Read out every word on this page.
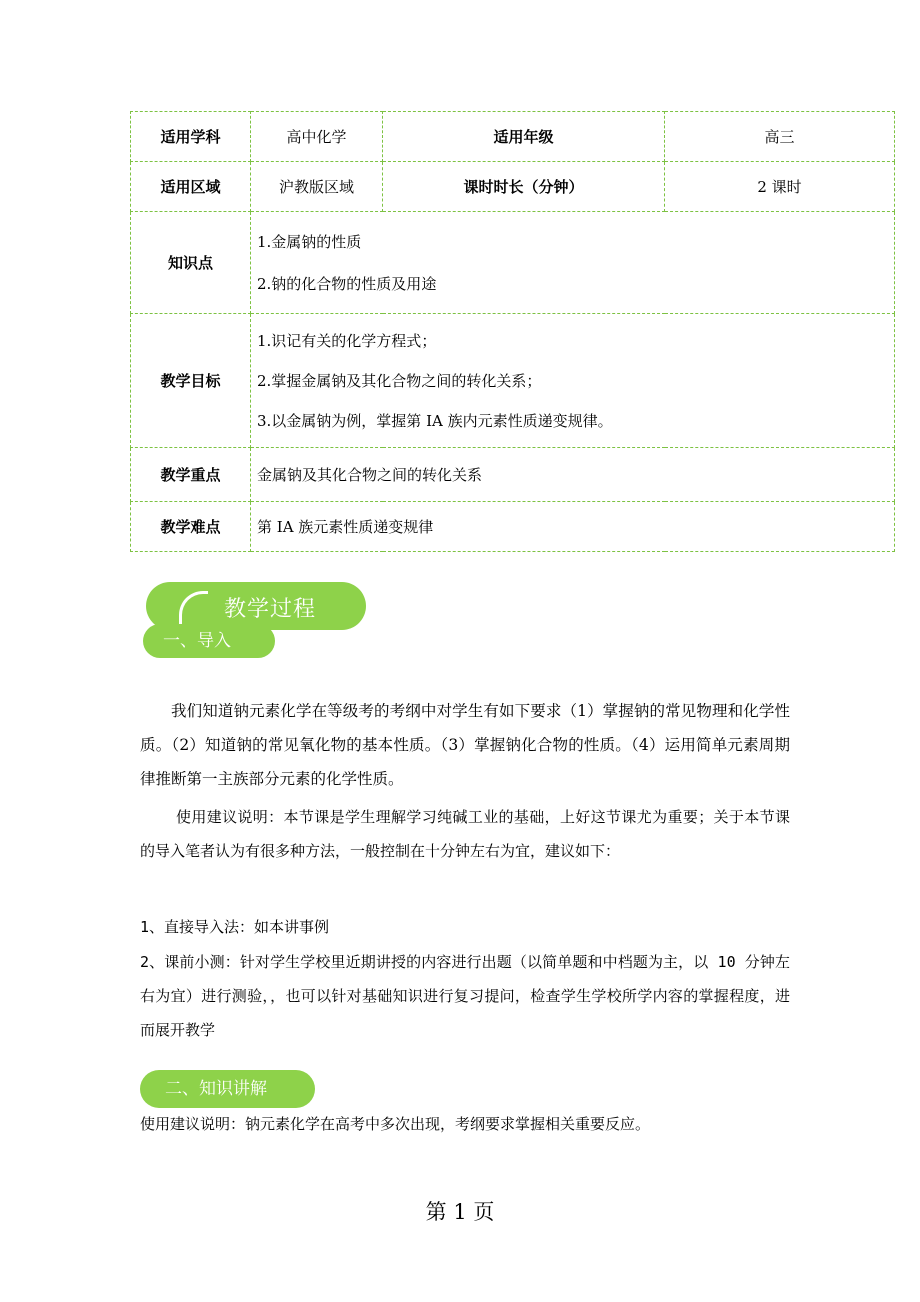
适用学科	高中化学	适用年级	高三
适用区域	沪教版区域	课时时长（分钟）	2 课时
知识点	1.金属钠的性质
2.钠的化合物的性质及用途		

教学目标	1.识记有关的化学方程式；
2.掌握金属钠及其化合物之间的转化关系；
3.以金属钠为例，掌握第 IA 族内元素性质递变规律。		

教学重点	金属钠及其化合物之间的转化关系		
教学难点	第 IA 族元素性质递变规律		
教学过程
一、导入
我们知道钠元素化学在等级考的考纲中对学生有如下要求（1）掌握钠的常见物理和化学性质。（2）知道钠的常见氧化物的基本性质。（3）掌握钠化合物的性质。（4）运用简单元素周期律推断第一主族部分元素的化学性质。
使用建议说明：本节课是学生理解学习纯碱工业的基础，上好这节课尤为重要；关于本节课的导入笔者认为有很多种方法，一般控制在十分钟左右为宜，建议如下：
1、直接导入法：如本讲事例
2、课前小测：针对学生学校里近期讲授的内容进行出题（以简单题和中档题为主，以 10 分钟左右为宜）进行测验，，也可以针对基础知识进行复习提问，检查学生学校所学内容的掌握程度，进而展开教学
二、知识讲解
使用建议说明：钠元素化学在高考中多次出现，考纲要求掌握相关重要反应。
第 1 页
